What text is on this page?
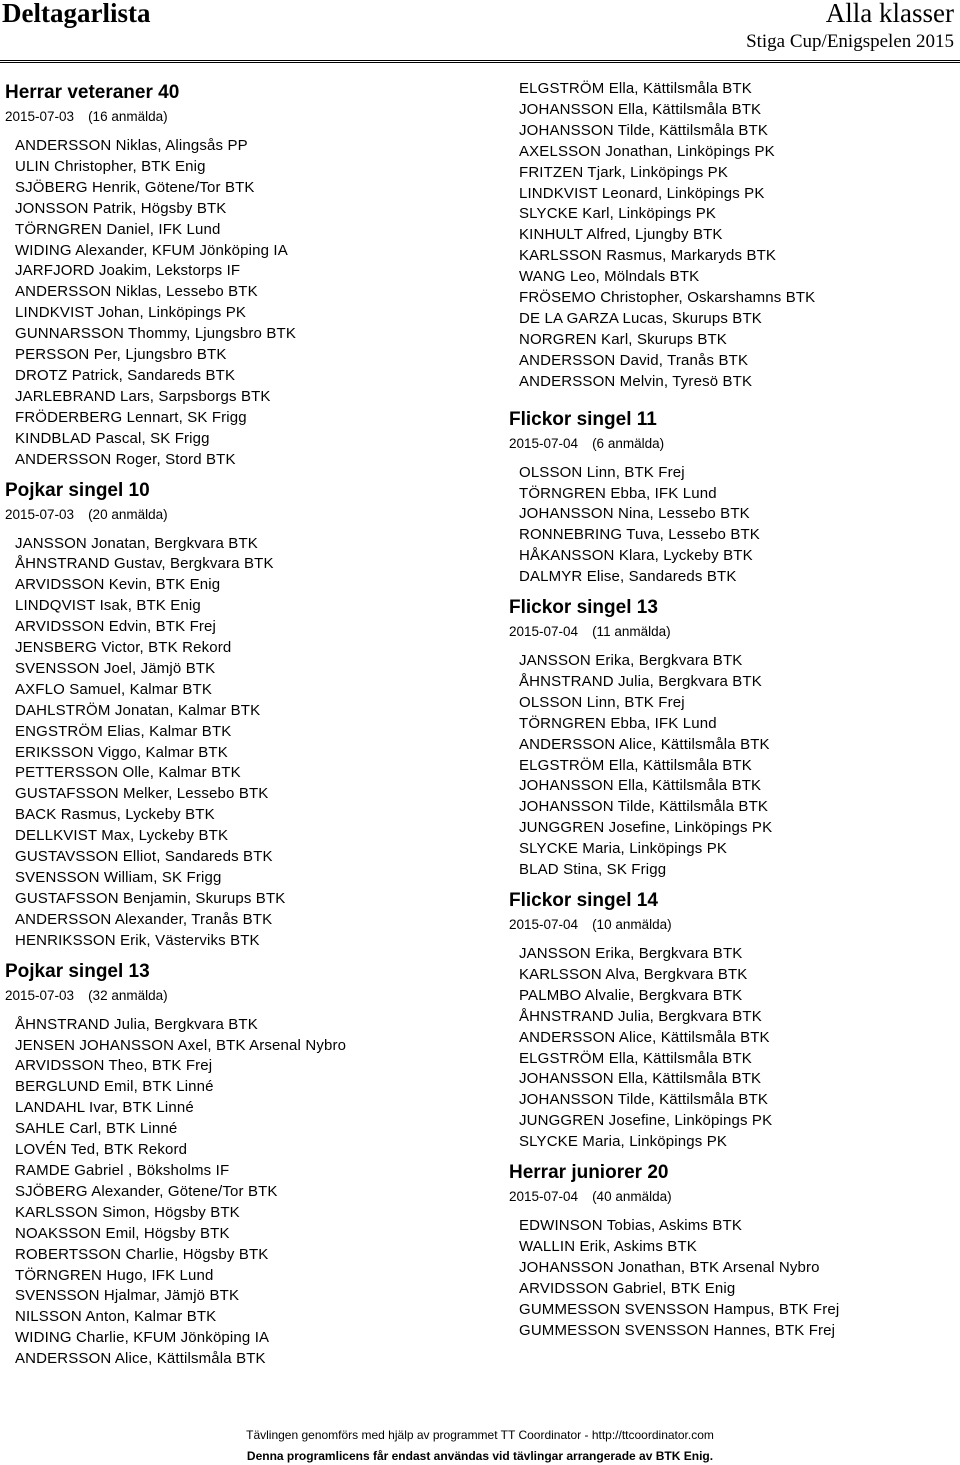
Deltagarlista	Alla klasser
Stiga Cup/Enigspelen 2015
Herrar veteraner 40
2015-07-03 (16 anmälda)
ANDERSSON Niklas, Alingsås PP
ULIN Christopher, BTK Enig
SJÖBERG Henrik, Götene/Tor BTK
JONSSON Patrik, Högsby BTK
TÖRNGREN Daniel, IFK Lund
WIDING Alexander, KFUM Jönköping IA
JARFJORD Joakim, Lekstorps IF
ANDERSSON Niklas, Lessebo BTK
LINDKVIST Johan, Linköpings PK
GUNNARSSON Thommy, Ljungsbro BTK
PERSSON Per, Ljungsbro BTK
DROTZ Patrick, Sandareds BTK
JARLEBRAND Lars, Sarpsborgs BTK
FRÖDERBERG Lennart, SK Frigg
KINDBLAD Pascal, SK Frigg
ANDERSSON Roger, Stord BTK
Pojkar singel 10
2015-07-03 (20 anmälda)
JANSSON Jonatan, Bergkvara BTK
ÅHNSTRAND Gustav, Bergkvara BTK
ARVIDSSON Kevin, BTK Enig
LINDQVIST Isak, BTK Enig
ARVIDSSON Edvin, BTK Frej
JENSBERG Victor, BTK Rekord
SVENSSON Joel, Jämjö BTK
AXFLO Samuel, Kalmar BTK
DAHLSTRÖM Jonatan, Kalmar BTK
ENGSTRÖM Elias, Kalmar BTK
ERIKSSON Viggo, Kalmar BTK
PETTERSSON Olle, Kalmar BTK
GUSTAFSSON Melker, Lessebo BTK
BACK Rasmus, Lyckeby BTK
DELLKVIST Max, Lyckeby BTK
GUSTAVSSON Elliot, Sandareds BTK
SVENSSON William, SK Frigg
GUSTAFSSON Benjamin, Skurups BTK
ANDERSSON Alexander, Tranås BTK
HENRIKSSON Erik, Västerviks BTK
Pojkar singel 13
2015-07-03 (32 anmälda)
ÅHNSTRAND Julia, Bergkvara BTK
JENSEN JOHANSSON Axel, BTK Arsenal Nybro
ARVIDSSON Theo, BTK Frej
BERGLUND Emil, BTK Linné
LANDAHL Ivar, BTK Linné
SAHLE Carl, BTK Linné
LOVÉN Ted, BTK Rekord
RAMDE Gabriel , Böksholms IF
SJÖBERG Alexander, Götene/Tor BTK
KARLSSON Simon, Högsby BTK
NOAKSSON Emil, Högsby BTK
ROBERTSSON Charlie, Högsby BTK
TÖRNGREN Hugo, IFK Lund
SVENSSON Hjalmar, Jämjö BTK
NILSSON Anton, Kalmar BTK
WIDING Charlie, KFUM Jönköping IA
ANDERSSON Alice, Kättilsmåla BTK
ELGSTRÖM Ella, Kättilsmåla BTK
JOHANSSON Ella, Kättilsmåla BTK
JOHANSSON Tilde, Kättilsmåla BTK
AXELSSON Jonathan, Linköpings PK
FRITZEN Tjark, Linköpings PK
LINDKVIST Leonard, Linköpings PK
SLYCKE Karl, Linköpings PK
KINHULT Alfred, Ljungby BTK
KARLSSON Rasmus, Markaryds BTK
WANG Leo, Mölndals BTK
FRÖSEMO Christopher, Oskarshamns BTK
DE LA GARZA Lucas, Skurups BTK
NORGREN Karl, Skurups BTK
ANDERSSON David, Tranås BTK
ANDERSSON Melvin, Tyresö BTK
Flickor singel 11
2015-07-04 (6 anmälda)
OLSSON Linn, BTK Frej
TÖRNGREN Ebba, IFK Lund
JOHANSSON Nina, Lessebo BTK
RONNEBRING Tuva, Lessebo BTK
HÅKANSSON Klara, Lyckeby BTK
DALMYR Elise, Sandareds BTK
Flickor singel 13
2015-07-04 (11 anmälda)
JANSSON Erika, Bergkvara BTK
ÅHNSTRAND Julia, Bergkvara BTK
OLSSON Linn, BTK Frej
TÖRNGREN Ebba, IFK Lund
ANDERSSON Alice, Kättilsmåla BTK
ELGSTRÖM Ella, Kättilsmåla BTK
JOHANSSON Ella, Kättilsmåla BTK
JOHANSSON Tilde, Kättilsmåla BTK
JUNGGREN Josefine, Linköpings PK
SLYCKE Maria, Linköpings PK
BLAD Stina, SK Frigg
Flickor singel 14
2015-07-04 (10 anmälda)
JANSSON Erika, Bergkvara BTK
KARLSSON Alva, Bergkvara BTK
PALMBO Alvalie, Bergkvara BTK
ÅHNSTRAND Julia, Bergkvara BTK
ANDERSSON Alice, Kättilsmåla BTK
ELGSTRÖM Ella, Kättilsmåla BTK
JOHANSSON Ella, Kättilsmåla BTK
JOHANSSON Tilde, Kättilsmåla BTK
JUNGGREN Josefine, Linköpings PK
SLYCKE Maria, Linköpings PK
Herrar juniorer 20
2015-07-04 (40 anmälda)
EDWINSON Tobias, Askims BTK
WALLIN Erik, Askims BTK
JOHANSSON Jonathan, BTK Arsenal Nybro
ARVIDSSON Gabriel, BTK Enig
GUMMESSON SVENSSON Hampus, BTK Frej
GUMMESSON SVENSSON Hannes, BTK Frej
Tävlingen genomförs med hjälp av programmet TT Coordinator - http://ttcoordinator.com
Denna programlicens får endast användas vid tävlingar arrangerade av BTK Enig.
